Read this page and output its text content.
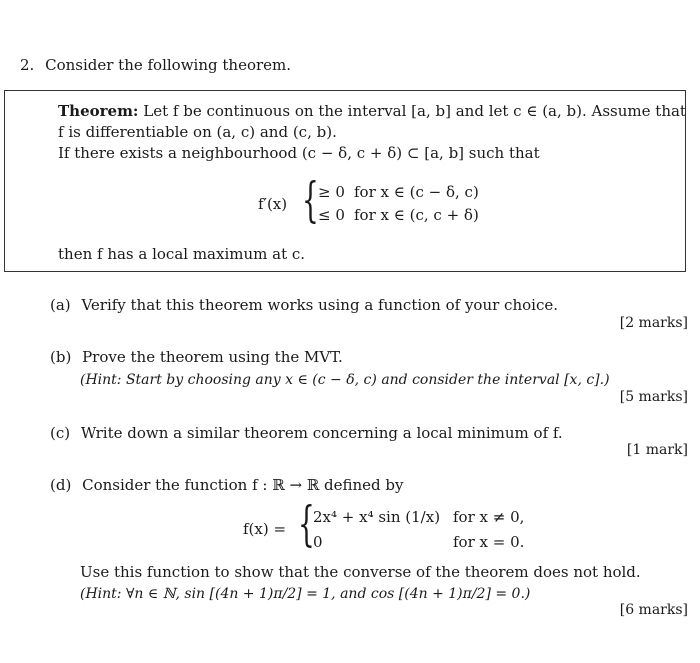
2. Consider the following theorem.
Theorem: Let f be continuous on the interval [a, b] and let c ∈ (a, b). Assume that
f is differentiable on (a, c) and (c, b).
If there exists a neighbourhood (c − δ, c + δ) ⊂ [a, b] such that
f′(x) { ≥ 0 for x ∈ (c − δ, c)
≤ 0 for x ∈ (c, c + δ)
then f has a local maximum at c.
(a) Verify that this theorem works using a function of your choice.
[2 marks]
(b) Prove the theorem using the MVT.
(Hint: Start by choosing any x ∈ (c − δ, c) and consider the interval [x, c].)
[5 marks]
(c) Write down a similar theorem concerning a local minimum of f.
[1 mark]
(d) Consider the function f : ℝ → ℝ defined by
f(x) = {
2x⁴ + x⁴ sin (1/x) for x ≠ 0,
0	for x = 0.
Use this function to show that the converse of the theorem does not hold.
(Hint: ∀n ∈ ℕ, sin [(4n + 1)π/2] = 1, and cos [(4n + 1)π/2] = 0.)
[6 marks]
